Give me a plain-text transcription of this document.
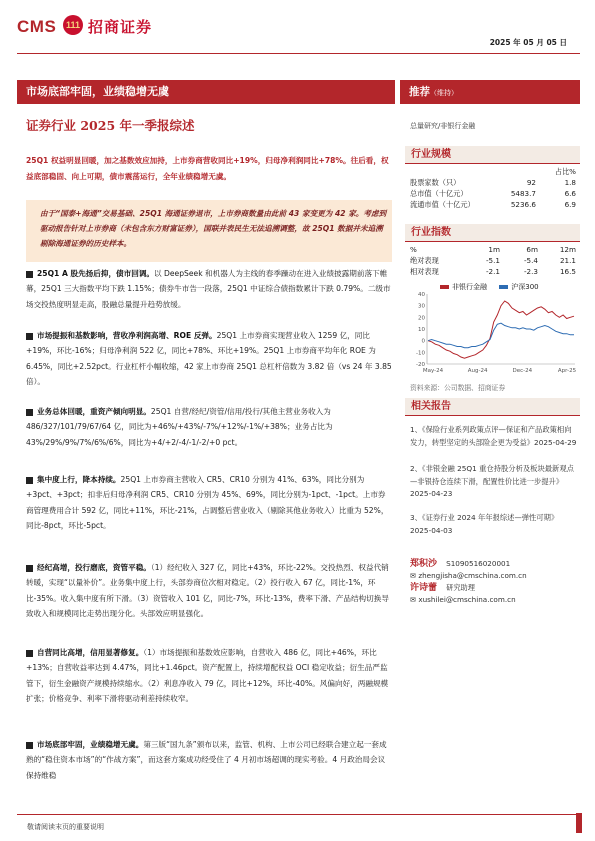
CMS	111 招商证券
2025 年 05 月 05 日
市场底部牢固，业绩稳增无虞	推荐（维持）
证券行业 2025 年一季报综述
25Q1 权益明显回暖，加之基数效应加持，上市券商营收同比+19%，归母净利润同比+78%。往后看，权益底部稳固、向上可期，债市震荡运行，全年业绩稳增无虞。
由于“国泰+海通”交易基础、25Q1 海通证券退市，上市券商数量由此前 43 家变更为 42 家。考虑到驱动报告针对上市券商（未包含东方财富证券），国联并表民生无法追溯调整，故 25Q1 数据并未追溯剔除海通证券的历史样本。
25Q1 A 股先扬后抑，债市回调。以 DeepSeek 和机器人为主线的春季躁动在进入业绩披露期前落下帷幕，25Q1 三大指数平均下跌 1.15%；债券牛市告一段落，25Q1 中证综合债指数累计下跌 0.79%。二级市场交投热度明显走高，股融总量提升趋势放缓。
市场提振和基数影响，营收净利润高增、ROE 反弹。25Q1 上市券商实现营业收入 1259 亿，同比+19%，环比-16%；归母净利润 522 亿，同比+78%、环比+19%。25Q1 上市券商平均年化 ROE 为 6.45%，同比+2.52pct。行业杠杆小幅收缩，42 家上市券商 25Q1 总杠杆倍数为 3.82 倍（vs 24 年 3.85 倍）。
业务总体回暖，重资产倾向明显。25Q1 自营/经纪/资管/信用/投行/其他主营业务收入为 486/327/101/79/67/64 亿，同比为+46%/+43%/-7%/+12%/-1%/+38%；业务占比为 43%/29%/9%/7%/6%/6%，同比为+4/+2/-4/-1/-2/+0 pct。
集中度上行，降本持续。25Q1 上市券商主营收入 CR5、CR10 分别为 41%、63%，同比分别为+3pct、+3pct；扣非后归母净利润 CR5、CR10 分别为 45%、69%，同比分别为-1pct、-1pct。上市券商管理费用合计 592 亿，同比+11%，环比-21%，占调整后营业收入（剔除其他业务收入）比重为 52%，同比-8pct，环比-5pct。
经纪高增，投行磨底，资管平稳。（1）经纪收入 327 亿，同比+43%，环比-22%。交投热烈、权益代销转暖，实现“以量补价”。业务集中度上行，头部券商位次相对稳定。（2）投行收入 67 亿，同比-1%，环比-35%。收入集中度有所下滑。（3）资管收入 101 亿，同比-7%，环比-13%，费率下滑、产品结构切换导致收入和规模同比走势出现分化。头部效应明显强化。
自营同比高增，信用显著修复。（1）市场提振和基数效应影响，自营收入 486 亿，同比+46%，环比+13%；自营收益率达到 4.47%，同比+1.46pct。资产配置上，持续增配权益 OCI 稳定收益；衍生品严监管下，衍生金融资产规模持续缩水。（2）利息净收入 79 亿，同比+12%，环比-40%。风偏向好，两融规模扩张；价格竞争、利率下滑将驱动利差持续收窄。
市场底部牢固，业绩稳增无虞。第三版“国九条”颁布以来，监管、机构、上市公司已经联合建立起一套成熟的“稳住资本市场”的“作战方案”，而这套方案成功经受住了 4 月初市场超调的现实考验。4 月政治局会议保持维稳
总量研究/非银行金融
行业规模
		占比%
股票家数（只）	92	1.8
总市值（十亿元）	5483.7	6.6
流通市值（十亿元）	5236.6	6.9
行业指数
%	1m	6m	12m
绝对表现	-5.1	-5.4	21.1
相对表现	-2.1	-2.3	16.5
非银行金融	沪深300
-20
-10
0
10
20
30
40
May-24	Aug-24	Dec-24	Apr-25
资料来源：公司数据、招商证券
相关报告
1、《保险行业系列政策点评—保证和产品政策相向发力，转型坚定的头部险企更为受益》2025-04-29
2、《非银金融 25Q1 重仓持股分析及板块最新观点—非银持仓连续下滑，配置性价比进一步提升》2025-04-23
3、《证券行业 2024 年年报综述—弹性可期》2025-04-03
郑积沙 S1090516020001
✉ zhengjisha@cmschina.com.cn
许诗蕾 研究助理
✉ xushilei@cmschina.com.cn
敬请阅读末页的重要说明
